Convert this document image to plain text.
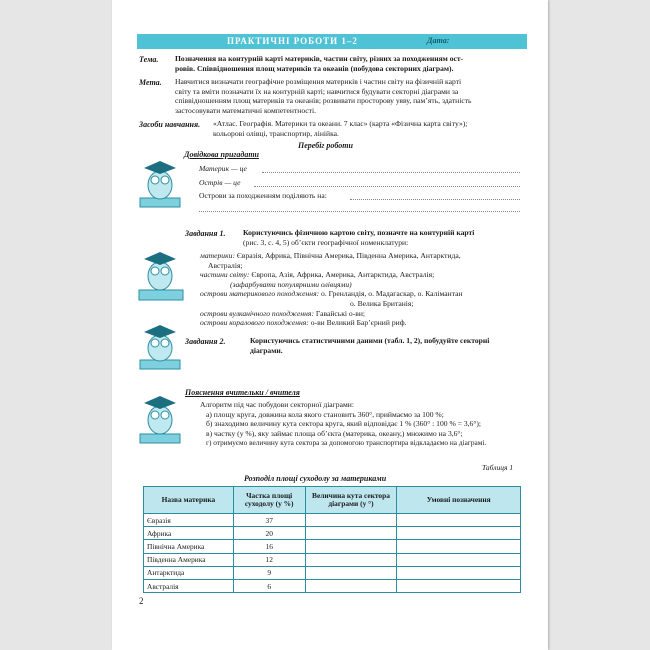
ПРАКТИЧНІ РОБОТИ 1–2	Дата:
Тема. Позначення на контурній карті материків, частин світу, різних за походженням ост-
ровів. Співвідношення площ материків та океанів (побудова секторних діаграм).
Мета. Навчитися визначати географічне розміщення материків і частин світу на фізичній карті
світу та вміти позначати їх на контурній карті; навчитися будувати секторні діаграми за
співвідношенням площ материків та океанів; розвивати просторову уяву, пам’ять, здатність
застосовувати математичні компетентності.
Засоби навчання. «Атлас. Географія. Материки та океани. 7 клас» (карта «Фізична карта світу»);
кольорові олівці, транспортир, лінійка.
Перебіг роботи
Довідкова пригадати
Материк — це
Острів — це
Острови за походженням поділяють на:
Завдання 1. Користуючись фізичною картою світу, позначте на контурній карті
(рис. 3, с. 4, 5) об’єкти географічної номенклатури:
материки: Євразія, Африка, Північна Америка, Південна Америка, Антарктида,
Австралія;
частини світу: Європа, Азія, Африка, Америка, Антарктида, Австралія;
(зафарбувати популярними олівцями)
острови материкового походження: о. Гренландія, о. Мадагаскар, о. Калімантан
о. Велика Британія;
острови вулканічного походження: Гавайські о-ви;
острови коралового походження: о-ви Великий Бар’єрний риф.
Завдання 2.	Користуючись статистичними даними (табл. 1, 2), побудуйте секторні
діаграми.
Пояснення вчительки / вчителя
Алгоритм під час побудови секторної діаграми:
а) площу круга, довжина кола якого становить 360°, приймаємо за 100 %;
б) знаходимо величину кута сектора круга, який відповідає 1 % (360° : 100 % = 3,6°);
в) частку (у %), яку займає площа об’єкта (материка, океану,) множимо на 3,6°;
г) отримуємо величину кута сектора за допомогою транспортира відкладаємо на діаграмі.
Таблиця 1
Розподіл площі суходолу за материками
Назва материка	Частка площі суходолу (у %)	Величина кута сектора діаграми (у °)	Умовні позначення
Євразія	37		
Африка	20		
Північна Америка	16		
Південна Америка	12		
Антарктида	9		
Австралія	6		
2
